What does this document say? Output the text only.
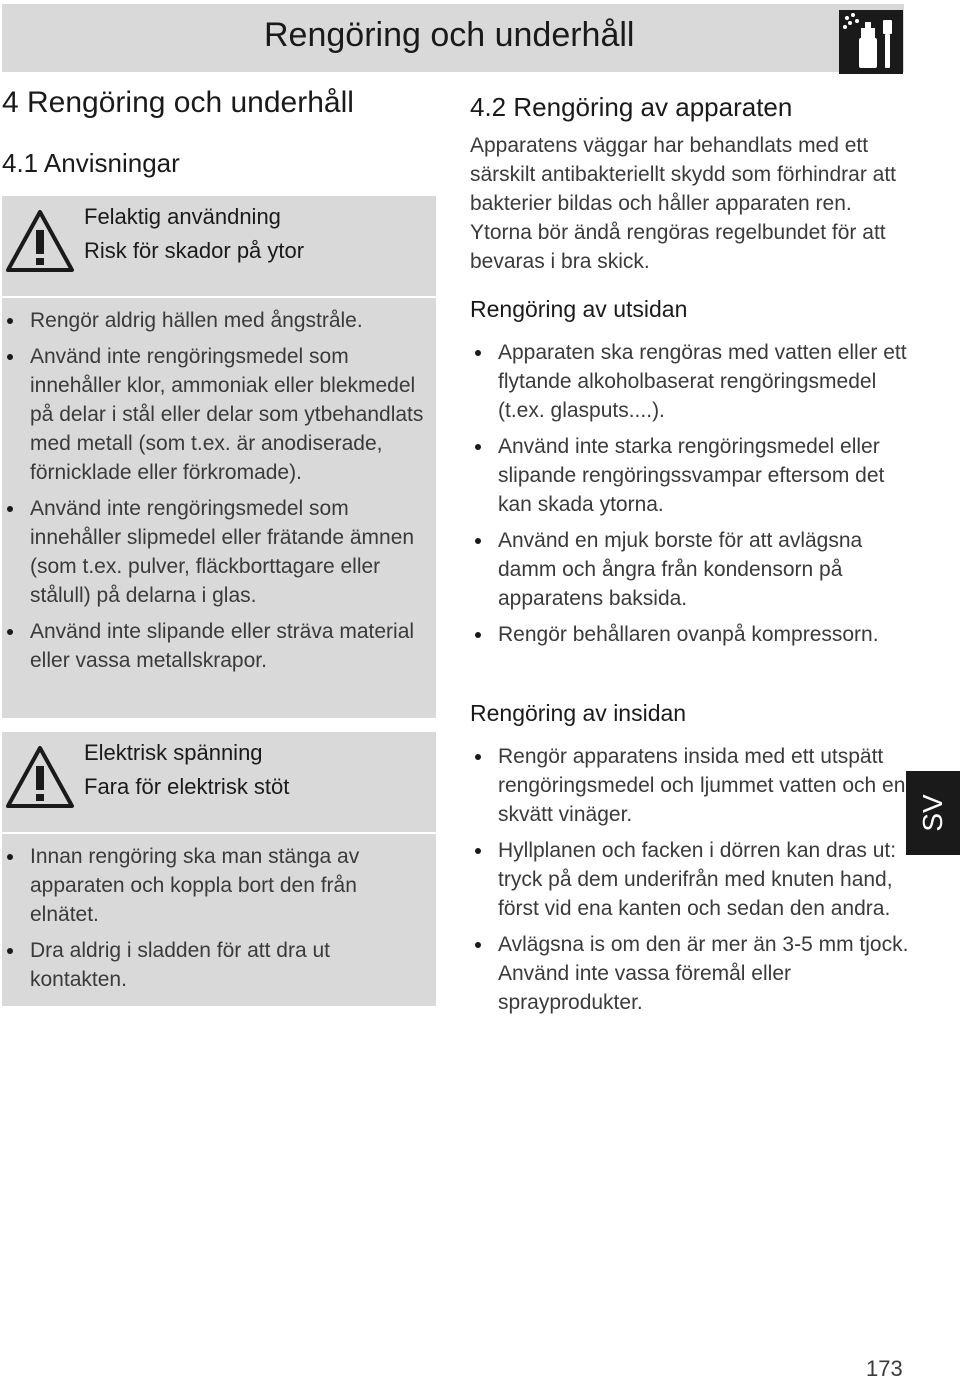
Rengöring och underhåll
4 Rengöring och underhåll
4.1 Anvisningar
Felaktig användning
Risk för skador på ytor
Rengör aldrig hällen med ångstråle.
Använd inte rengöringsmedel som innehåller klor, ammoniak eller blekmedel på delar i stål eller delar som ytbehandlats med metall (som t.ex. är anodiserade, förnicklade eller förkromade).
Använd inte rengöringsmedel som innehåller slipmedel eller frätande ämnen (som t.ex. pulver, fläckborttagare eller stålull) på delarna i glas.
Använd inte slipande eller sträva material eller vassa metallskrapor.
Elektrisk spänning
Fara för elektrisk stöt
Innan rengöring ska man stänga av apparaten och koppla bort den från elnätet.
Dra aldrig i sladden för att dra ut kontakten.
4.2 Rengöring av apparaten
Apparatens väggar har behandlats med ett särskilt antibakteriellt skydd som förhindrar att bakterier bildas och håller apparaten ren. Ytorna bör ändå rengöras regelbundet för att bevaras i bra skick.
Rengöring av utsidan
Apparaten ska rengöras med vatten eller ett flytande alkoholbaserat rengöringsmedel (t.ex. glasputs....).
Använd inte starka rengöringsmedel eller slipande rengöringssvampar eftersom det kan skada ytorna.
Använd en mjuk borste för att avlägsna damm och ångra från kondensorn på apparatens baksida.
Rengör behållaren ovanpå kompressorn.
Rengöring av insidan
Rengör apparatens insida med ett utspätt rengöringsmedel och ljummet vatten och en skvätt vinäger.
Hyllplanen och facken i dörren kan dras ut: tryck på dem underifrån med knuten hand, först vid ena kanten och sedan den andra.
Avlägsna is om den är mer än 3-5 mm tjock. Använd inte vassa föremål eller sprayprodukter.
SV
173
